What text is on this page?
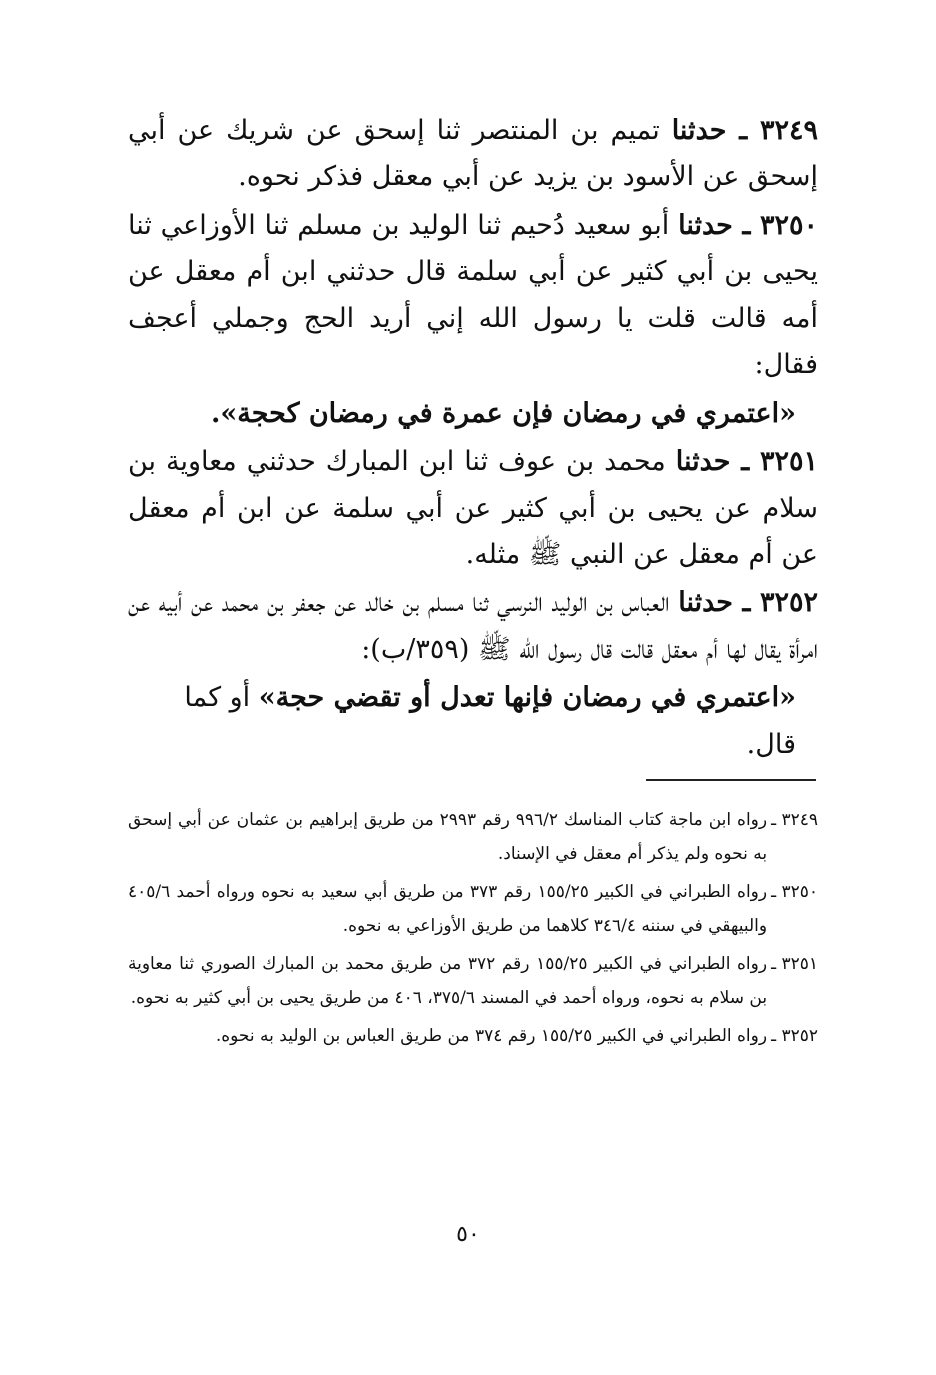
٣٢٤٩ ـ حدثنا تميم بن المنتصر ثنا إسحق عن شريك عن أبي إسحق عن الأسود بن يزيد عن أبي معقل فذكر نحوه.

٣٢٥٠ ـ حدثنا أبو سعيد دُحيم ثنا الوليد بن مسلم ثنا الأوزاعي ثنا يحيى بن أبي كثير عن أبي سلمة قال حدثني ابن أم معقل عن أمه قالت قلت يا رسول الله إني أريد الحج وجملي أعجف فقال:

«اعتمري في رمضان فإن عمرة في رمضان كحجة».

٣٢٥١ ـ حدثنا محمد بن عوف ثنا ابن المبارك حدثني معاوية بن سلام عن يحيى بن أبي كثير عن أبي سلمة عن ابن أم معقل عن أم معقل عن النبي ﷺ مثله.

٣٢٥٢ ـ حدثنا العباس بن الوليد النرسي ثنا مسلم بن خالد عن جعفر بن محمد عن أبيه عن امرأة يقال لها أم معقل قالت قال رسول الله ﷺ (٣٥٩/ب):

«اعتمري في رمضان فإنها تعدل أو تقضي حجة» أو كما قال.

٣٢٤٩ ـ
رواه ابن ماجة كتاب المناسك ٩٩٦/٢ رقم ٢٩٩٣ من طريق إبراهيم بن عثمان عن أبي إسحق به نحوه ولم يذكر أم معقل في الإسناد.
٣٢٥٠ ـ
رواه الطبراني في الكبير ١٥٥/٢٥ رقم ٣٧٣ من طريق أبي سعيد به نحوه ورواه أحمد ٤٠٥/٦ والبيهقي في سننه ٣٤٦/٤ كلاهما من طريق الأوزاعي به نحوه.
٣٢٥١ ـ
رواه الطبراني في الكبير ١٥٥/٢٥ رقم ٣٧٢ من طريق محمد بن المبارك الصوري ثنا معاوية بن سلام به نحوه، ورواه أحمد في المسند ٣٧٥/٦، ٤٠٦ من طريق يحيى بن أبي كثير به نحوه.
٣٢٥٢ ـ
رواه الطبراني في الكبير ١٥٥/٢٥ رقم ٣٧٤ من طريق العباس بن الوليد به نحوه.
٥٠
